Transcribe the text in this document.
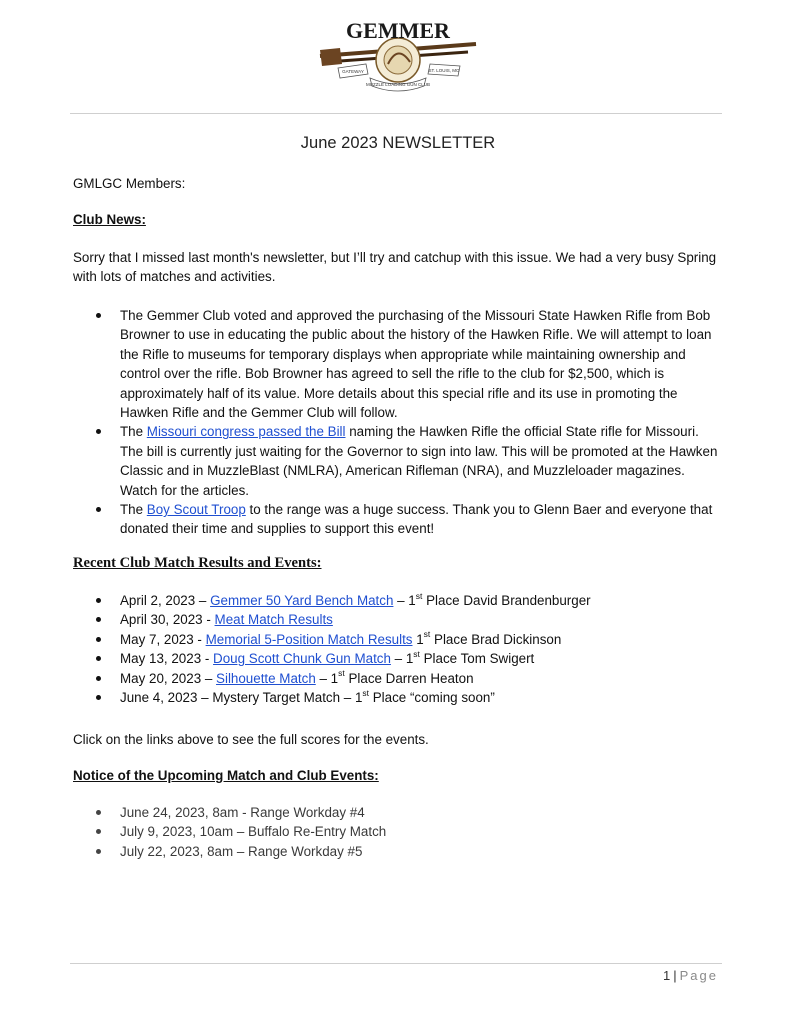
GATEWAY	ST. LOUIS, MO
MUZZLE LOADING GUN CLUB
GEMMER
June 2023 NEWSLETTER

GMLGC Members:

Club News:

Sorry that I missed last month's newsletter, but I’ll try and catchup with this issue. We had a very busy Spring with lots of matches and activities.

The Gemmer Club voted and approved the purchasing of the Missouri State Hawken Rifle from Bob Browner to use in educating the public about the history of the Hawken Rifle. We will attempt to loan the Rifle to museums for temporary displays when appropriate while maintaining ownership and control over the rifle. Bob Browner has agreed to sell the rifle to the club for $2,500, which is approximately half of its value. More details about this special rifle and its use in promoting the Hawken Rifle and the Gemmer Club will follow.
The Missouri congress passed the Bill naming the Hawken Rifle the official State rifle for Missouri. The bill is currently just waiting for the Governor to sign into law. This will be promoted at the Hawken Classic and in MuzzleBlast (NMLRA), American Rifleman (NRA), and Muzzleloader magazines. Watch for the articles.
The Boy Scout Troop to the range was a huge success. Thank you to Glenn Baer and everyone that donated their time and supplies to support this event!

Recent Club Match Results and Events:

April 2, 2023 – Gemmer 50 Yard Bench Match – 1st Place David Brandenburger
April 30, 2023 - Meat Match Results
May 7, 2023 - Memorial 5-Position Match Results 1st Place Brad Dickinson
May 13, 2023 - Doug Scott Chunk Gun Match – 1st Place Tom Swigert
May 20, 2023 – Silhouette Match – 1st Place Darren Heaton
June 4, 2023 – Mystery Target Match – 1st Place “coming soon”

Click on the links above to see the full scores for the events.

Notice of the Upcoming Match and Club Events:

June 24, 2023, 8am - Range Workday #4
July 9, 2023, 10am – Buffalo Re-Entry Match
July 22, 2023, 8am – Range Workday #5
1 | Page
